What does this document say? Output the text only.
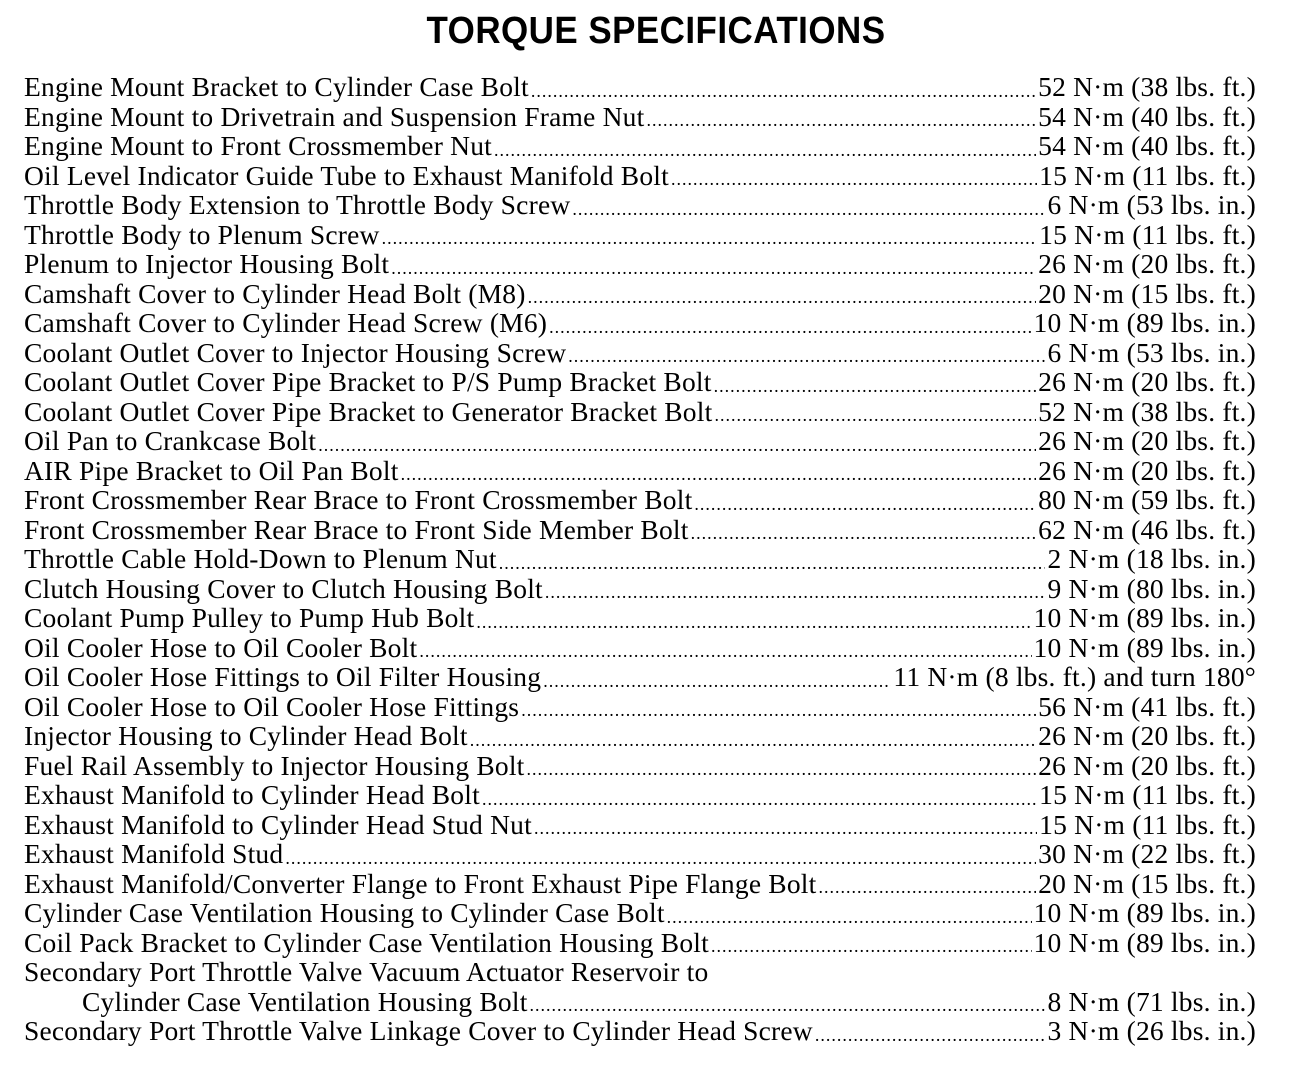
TORQUE SPECIFICATIONS
Engine Mount Bracket to Cylinder Case Bolt .....	52 N·m (38 lbs. ft.)
Engine Mount to Drivetrain and Suspension Frame Nut .....	54 N·m (40 lbs. ft.)
Engine Mount to Front Crossmember Nut .....	54 N·m (40 lbs. ft.)
Oil Level Indicator Guide Tube to Exhaust Manifold Bolt .....	15 N·m (11 lbs. ft.)
Throttle Body Extension to Throttle Body Screw .....	6 N·m (53 lbs. in.)
Throttle Body to Plenum Screw .....	15 N·m (11 lbs. ft.)
Plenum to Injector Housing Bolt .....	26 N·m (20 lbs. ft.)
Camshaft Cover to Cylinder Head Bolt (M8) .....	20 N·m (15 lbs. ft.)
Camshaft Cover to Cylinder Head Screw (M6) .....	10 N·m (89 lbs. in.)
Coolant Outlet Cover to Injector Housing Screw .....	6 N·m (53 lbs. in.)
Coolant Outlet Cover Pipe Bracket to P/S Pump Bracket Bolt .....	26 N·m (20 lbs. ft.)
Coolant Outlet Cover Pipe Bracket to Generator Bracket Bolt .....	52 N·m (38 lbs. ft.)
Oil Pan to Crankcase Bolt .....	26 N·m (20 lbs. ft.)
AIR Pipe Bracket to Oil Pan Bolt .....	26 N·m (20 lbs. ft.)
Front Crossmember Rear Brace to Front Crossmember Bolt .....	80 N·m (59 lbs. ft.)
Front Crossmember Rear Brace to Front Side Member Bolt .....	62 N·m (46 lbs. ft.)
Throttle Cable Hold-Down to Plenum Nut .....	2 N·m (18 lbs. in.)
Clutch Housing Cover to Clutch Housing Bolt .....	9 N·m (80 lbs. in.)
Coolant Pump Pulley to Pump Hub Bolt .....	10 N·m (89 lbs. in.)
Oil Cooler Hose to Oil Cooler Bolt .....	10 N·m (89 lbs. in.)
Oil Cooler Hose Fittings to Oil Filter Housing .....	11 N·m (8 lbs. ft.) and turn 180°
Oil Cooler Hose to Oil Cooler Hose Fittings .....	56 N·m (41 lbs. ft.)
Injector Housing to Cylinder Head Bolt .....	26 N·m (20 lbs. ft.)
Fuel Rail Assembly to Injector Housing Bolt .....	26 N·m (20 lbs. ft.)
Exhaust Manifold to Cylinder Head Bolt .....	15 N·m (11 lbs. ft.)
Exhaust Manifold to Cylinder Head Stud Nut .....	15 N·m (11 lbs. ft.)
Exhaust Manifold Stud .....	30 N·m (22 lbs. ft.)
Exhaust Manifold/Converter Flange to Front Exhaust Pipe Flange Bolt .....	20 N·m (15 lbs. ft.)
Cylinder Case Ventilation Housing to Cylinder Case Bolt .....	10 N·m (89 lbs. in.)
Coil Pack Bracket to Cylinder Case Ventilation Housing Bolt .....	10 N·m (89 lbs. in.)
Secondary Port Throttle Valve Vacuum Actuator Reservoir to
Cylinder Case Ventilation Housing Bolt .....	8 N·m (71 lbs. in.)
Secondary Port Throttle Valve Linkage Cover to Cylinder Head Screw .....	3 N·m (26 lbs. in.)
